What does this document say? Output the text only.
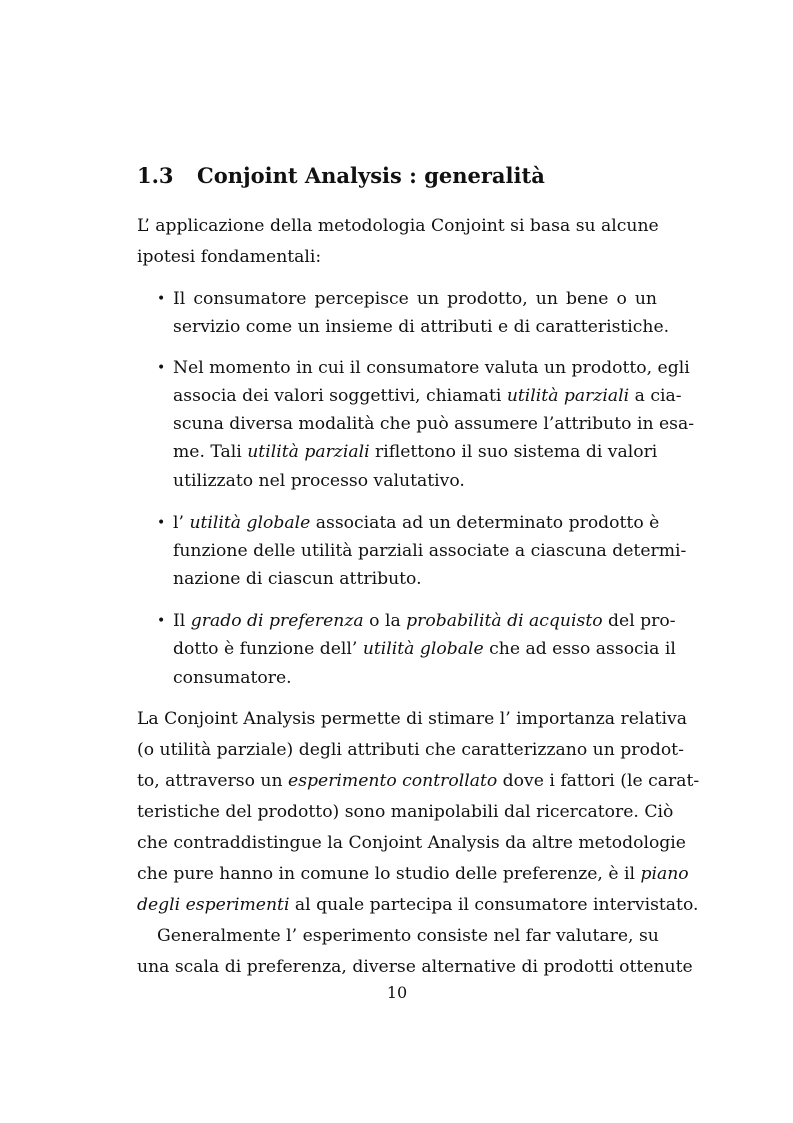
1.3 Conjoint Analysis : generalità
L’ applicazione della metodologia Conjoint si basa su alcune
ipotesi fondamentali:
• Il consumatore percepisce un prodotto, un bene o un
servizio come un insieme di attributi e di caratteristiche.
• Nel momento in cui il consumatore valuta un prodotto, egli
associa dei valori soggettivi, chiamati utilità parziali a cia-
scuna diversa modalità che può assumere l’attributo in esa-
me. Tali utilità parziali riflettono il suo sistema di valori
utilizzato nel processo valutativo.
• l’ utilità globale associata ad un determinato prodotto è
funzione delle utilità parziali associate a ciascuna determi-
nazione di ciascun attributo.
• Il grado di preferenza o la probabilità di acquisto del pro-
dotto è funzione dell’ utilità globale che ad esso associa il
consumatore.
La Conjoint Analysis permette di stimare l’ importanza relativa
(o utilità parziale) degli attributi che caratterizzano un prodot-
to, attraverso un esperimento controllato dove i fattori (le carat-
teristiche del prodotto) sono manipolabili dal ricercatore. Ciò
che contraddistingue la Conjoint Analysis da altre metodologie
che pure hanno in comune lo studio delle preferenze, è il piano
degli esperimenti al quale partecipa il consumatore intervistato.
Generalmente l’ esperimento consiste nel far valutare, su
una scala di preferenza, diverse alternative di prodotti ottenute
10
